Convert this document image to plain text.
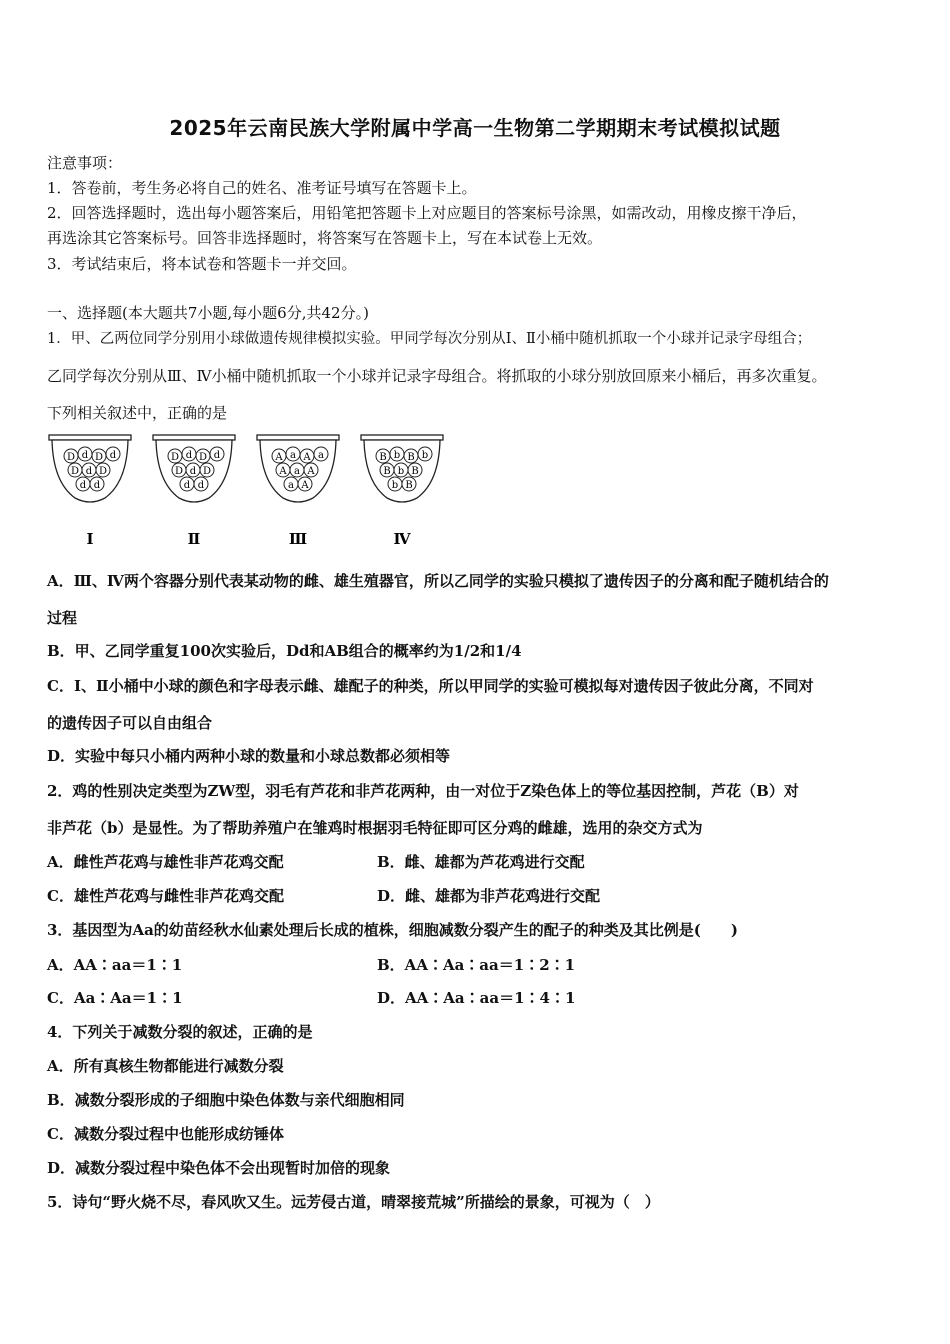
2025年云南民族大学附属中学高一生物第二学期期末考试模拟试题
注意事项：
1．答卷前，考生务必将自己的姓名、准考证号填写在答题卡上。
2．回答选择题时，选出每小题答案后，用铅笔把答题卡上对应题目的答案标号涂黑，如需改动，用橡皮擦干净后，
再选涂其它答案标号。回答非选择题时，将答案写在答题卡上，写在本试卷上无效。
3．考试结束后，将本试卷和答题卡一并交回。
一、选择题(本大题共7小题,每小题6分,共42分。)
1．甲、乙两位同学分别用小球做遗传规律模拟实验。甲同学每次分别从Ⅰ、Ⅱ小桶中随机抓取一个小球并记录字母组合；
乙同学每次分别从Ⅲ、Ⅳ小桶中随机抓取一个小球并记录字母组合。将抓取的小球分别放回原来小桶后，再多次重复。
下列相关叙述中，正确的是
D d D d
D d D
d d
Ⅰ
D d D d
D d D
d d
Ⅱ
A a A a
A a A
a A
Ⅲ
B b B b
B b B
b B
Ⅳ
A．Ⅲ、Ⅳ两个容器分别代表某动物的雌、雄生殖器官，所以乙同学的实验只模拟了遗传因子的分离和配子随机结合的
过程
B．甲、乙同学重复100次实验后，Dd和AB组合的概率约为1/2和1/4
C．Ⅰ、Ⅱ小桶中小球的颜色和字母表示雌、雄配子的种类，所以甲同学的实验可模拟每对遗传因子彼此分离，不同对
的遗传因子可以自由组合
D．实验中每只小桶内两种小球的数量和小球总数都必须相等
2．鸡的性别决定类型为ZW型，羽毛有芦花和非芦花两种，由一对位于Z染色体上的等位基因控制，芦花（B）对
非芦花（b）是显性。为了帮助养殖户在雏鸡时根据羽毛特征即可区分鸡的雌雄，选用的杂交方式为
A．雌性芦花鸡与雄性非芦花鸡交配	B．雌、雄都为芦花鸡进行交配
C．雄性芦花鸡与雌性非芦花鸡交配	D．雌、雄都为非芦花鸡进行交配
3．基因型为Aa的幼苗经秋水仙素处理后长成的植株，细胞减数分裂产生的配子的种类及其比例是(　　)
A．AA∶aa＝1∶1	B．AA∶Aa∶aa＝1∶2∶1
C．Aa∶Aa＝1∶1	D．AA∶Aa∶aa＝1∶4∶1
4．下列关于减数分裂的叙述，正确的是
A．所有真核生物都能进行减数分裂
B．减数分裂形成的子细胞中染色体数与亲代细胞相同
C．减数分裂过程中也能形成纺锤体
D．减数分裂过程中染色体不会出现暂时加倍的现象
5．诗句“野火烧不尽，春风吹又生。远芳侵古道，晴翠接荒城”所描绘的景象，可视为（　）
